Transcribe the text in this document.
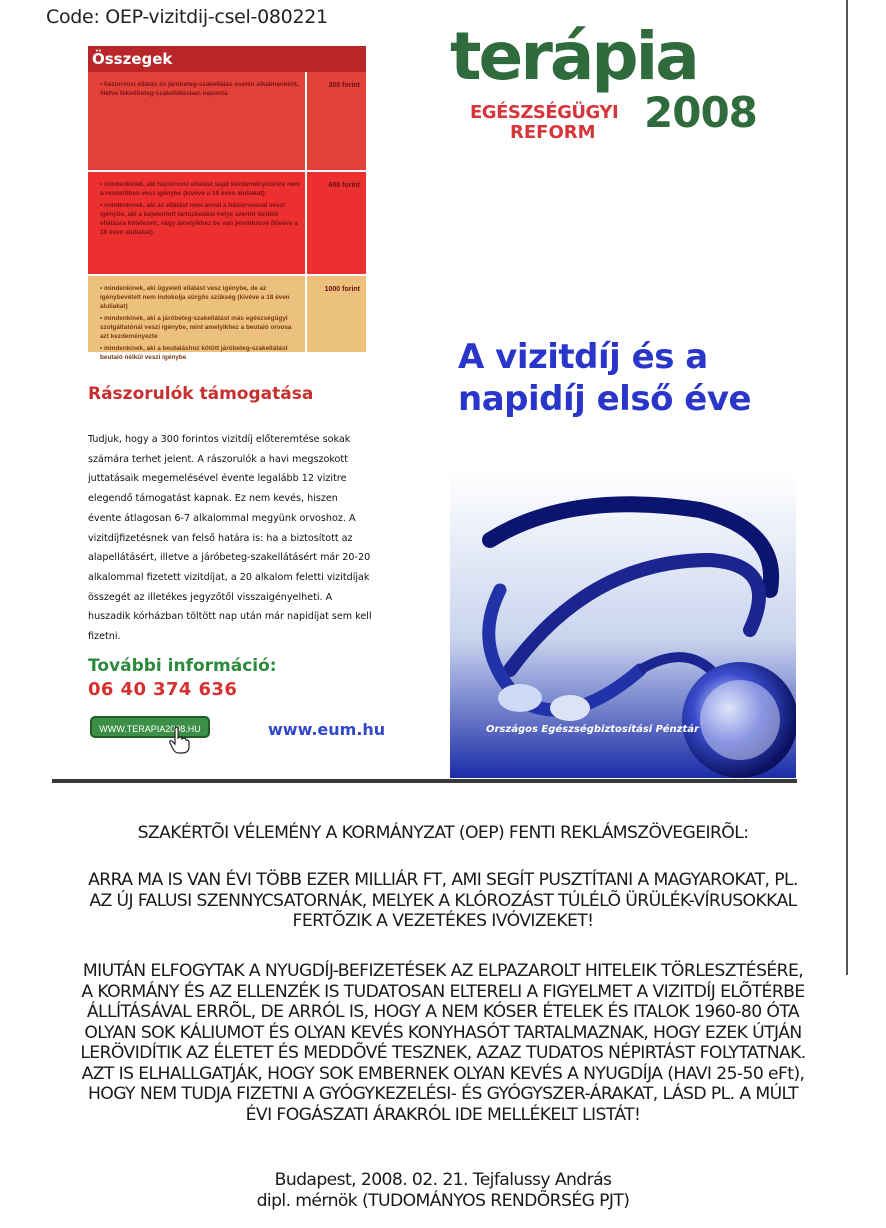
Code: OEP-vizitdij-csel-080221
Összegek

• háziorvosi ellátás és járóbeteg-szakellátás esetén alkalmanként, illetve fekvőbeteg-szakellátásban naponta

300 forint

• mindenkinek, aki háziorvosi ellátást saját kezdeményezésre nem a rendelőben vesz igénybe (kivéve a 18 éven aluliakat)

• mindenkinek, aki az ellátást nem annál a háziorvosnál veszi igénybe, aki a bejelentett tartózkodási helye szerint területi ellátásra kötelezett, vagy amelyikhez be van jelentkezve (kivéve a 18 éven aluliakat)

600 forint

• mindenkinek, aki ügyeleti ellátást vesz igénybe, de az igénybevételt nem indokolja sürgős szükség (kivéve a 18 éven aluliakat)

• mindenkinek, aki a járóbeteg-szakellátást más egészségügyi szolgáltatónál veszi igénybe, mint amelyikhez a beutaló orvosa azt kezdeményezte

• mindenkinek, aki a beutaláshoz kötött járóbeteg-szakellátást beutaló nélkül veszi igénybe

1000 forint
terápia
EGÉSZSÉGÜGYI
REFORM 2008
A vizitdíj és a
napidíj első éve
Rászorulók támogatása

Tudjuk, hogy a 300 forintos vizitdíj előteremtése sokak számára terhet jelent. A rászorulók a havi megszokott juttatásaik megemelésével évente legalább 12 vizitre elegendő támogatást kapnak. Ez nem kevés, hiszen évente átlagosan 6-7 alkalommal megyünk orvoshoz. A vizitdíjfizetésnek van felső határa is: ha a biztosított az alapellátásért, illetve a járóbeteg-szakellátásért már 20-20 alkalommal fizetett vizitdíjat, a 20 alkalom feletti vizitdíjak összegét az illetékes jegyzőtől visszaigényelheti. A huszadik kórházban töltött nap után már napidíjat sem kell fizetni.

További információ:
06 40 374 636
WWW.TERAPIA2008.HU	www.eum.hu	Országos Egészségbiztosítási Pénztár

SZAKÉRTÕI VÉLEMÉNY A KORMÁNYZAT (OEP) FENTI REKLÁMSZÖVEGEIRÕL:

ARRA MA IS VAN ÉVI TÖBB EZER MILLIÁR FT, AMI SEGÍT PUSZTÍTANI A MAGYAROKAT, PL.

AZ ÚJ FALUSI SZENNYCSATORNÁK, MELYEK A KLÓROZÁST TÚLÉLÕ ÜRÜLÉK-VÍRUSOKKAL

FERTÕZIK A VEZETÉKES IVÓVIZEKET!

MIUTÁN ELFOGYTAK A NYUGDÍJ-BEFIZETÉSEK AZ ELPAZAROLT HITELEIK TÖRLESZTÉSÉRE,

A KORMÁNY ÉS AZ ELLENZÉK IS TUDATOSAN ELTERELI A FIGYELMET A VIZITDÍJ ELÕTÉRBE

ÁLLÍTÁSÁVAL ERRÕL, DE ARRÓL IS, HOGY A NEM KÓSER ÉTELEK ÉS ITALOK 1960-80 ÓTA

OLYAN SOK KÁLIUMOT ÉS OLYAN KEVÉS KONYHASÓT TARTALMAZNAK, HOGY EZEK ÚTJÁN

LERÖVIDÍTIK AZ ÉLETET ÉS MEDDÕVÉ TESZNEK, AZAZ TUDATOS NÉPIRTÁST FOLYTATNAK.

AZT IS ELHALLGATJÁK, HOGY SOK EMBERNEK OLYAN KEVÉS A NYUGDÍJA (HAVI 25-50 eFt),

HOGY NEM TUDJA FIZETNI A GYÓGYKEZELÉSI- ÉS GYÓGYSZER-ÁRAKAT, LÁSD PL. A MÚLT

ÉVI FOGÁSZATI ÁRAKRÓL IDE MELLÉKELT LISTÁT!

Budapest, 2008. 02. 21. Tejfalussy András

dipl. mérnök (TUDOMÁNYOS RENDÕRSÉG PJT)
